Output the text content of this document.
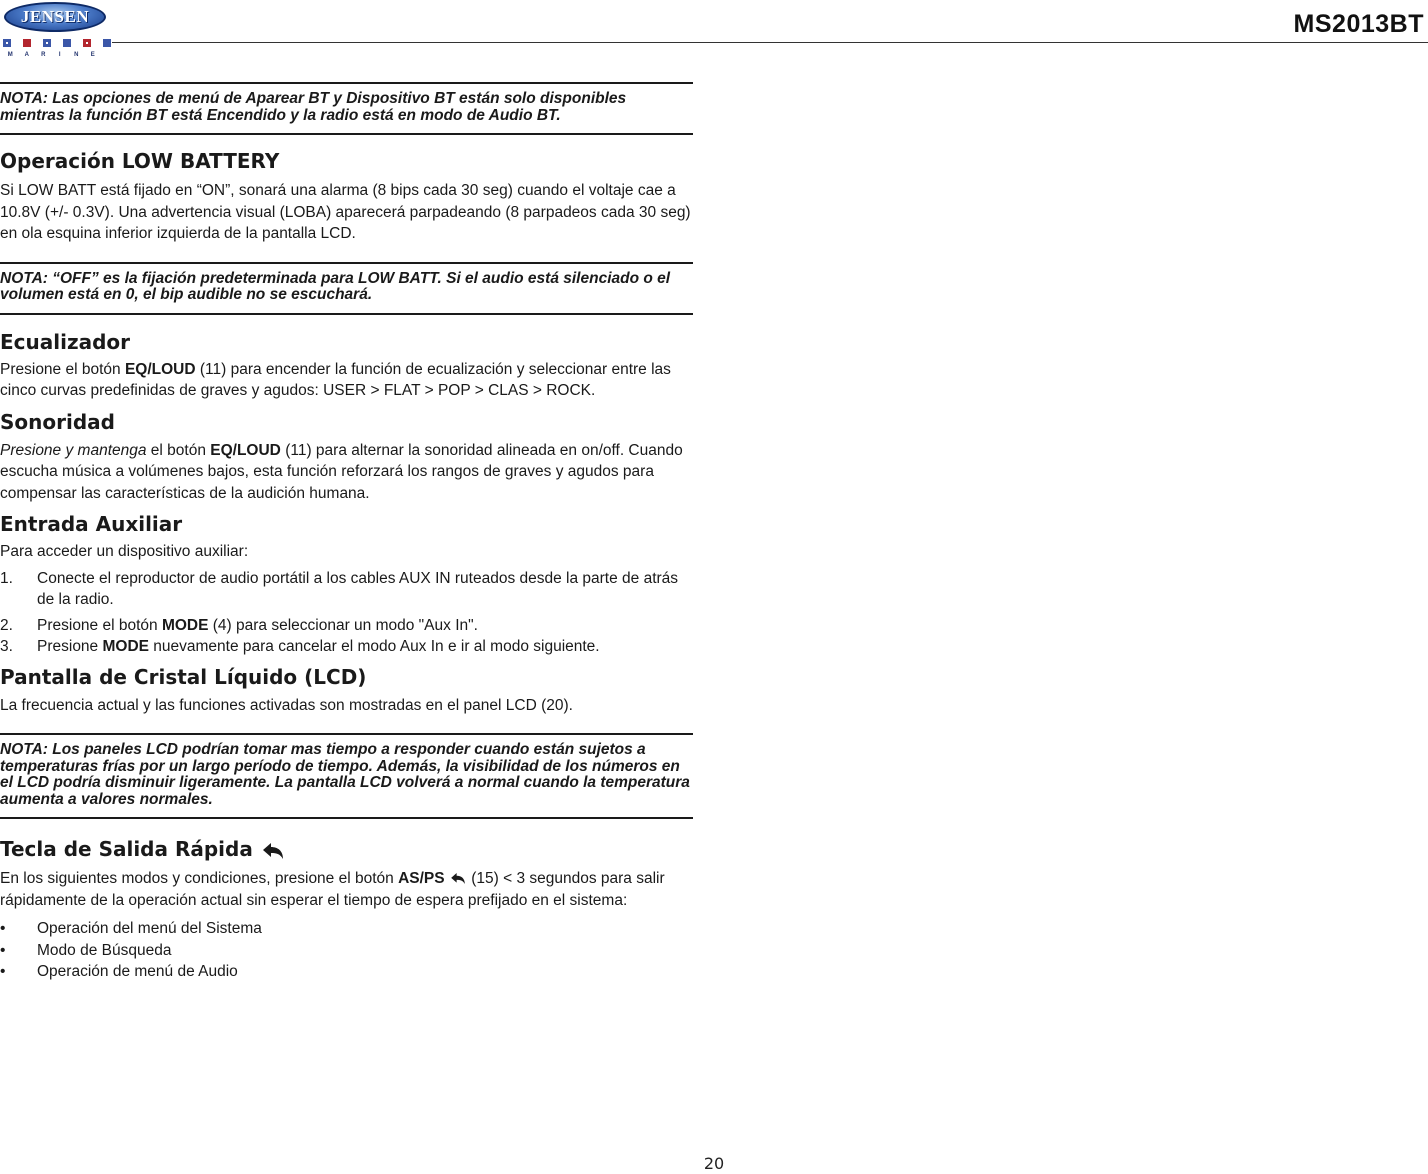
JENSEN
M	A	R	I	N	E
MS2013BT
NOTA: Las opciones de menú de Aparear BT y Dispositivo BT están solo disponibles mientras la función BT está Encendido y la radio está en modo de Audio BT.
Operación LOW BATTERY
Si LOW BATT está fijado en “ON”, sonará una alarma (8 bips cada 30 seg) cuando el voltaje cae a 10.8V (+/- 0.3V). Una advertencia visual (LOBA) aparecerá parpadeando (8 parpadeos cada 30 seg) en ola esquina inferior izquierda de la pantalla LCD.
NOTA: “OFF” es la fijación predeterminada para LOW BATT. Si el audio está silenciado o el volumen está en 0, el bip audible no se escuchará.
Ecualizador
Presione el botón EQ/LOUD (11) para encender la función de ecualización y seleccionar entre las cinco curvas predefinidas de graves y agudos: USER > FLAT > POP > CLAS > ROCK.
Sonoridad
Presione y mantenga el botón EQ/LOUD (11) para alternar la sonoridad alineada en on/off. Cuando escucha música a volúmenes bajos, esta función reforzará los rangos de graves y agudos para compensar las características de la audición humana.
Entrada Auxiliar
Para acceder un dispositivo auxiliar:
1.	Conecte el reproductor de audio portátil a los cables AUX IN ruteados desde la parte de atrás de la radio.
2.	Presione el botón MODE (4) para seleccionar un modo "Aux In".
3.	Presione MODE nuevamente para cancelar el modo Aux In e ir al modo siguiente.
Pantalla de Cristal Líquido (LCD)
La frecuencia actual y las funciones activadas son mostradas en el panel LCD (20).
NOTA: Los paneles LCD podrían tomar mas tiempo a responder cuando están sujetos a temperaturas frías por un largo período de tiempo. Además, la visibilidad de los números en el LCD podría disminuir ligeramente. La pantalla LCD volverá a normal cuando la temperatura aumenta a valores normales.
Tecla de Salida Rápida
En los siguientes modos y condiciones, presione el botón AS/PS  (15) < 3 segundos para salir rápidamente de la operación actual sin esperar el tiempo de espera prefijado en el sistema:
•	Operación del menú del Sistema
•	Modo de Búsqueda
•	Operación de menú de Audio
20
